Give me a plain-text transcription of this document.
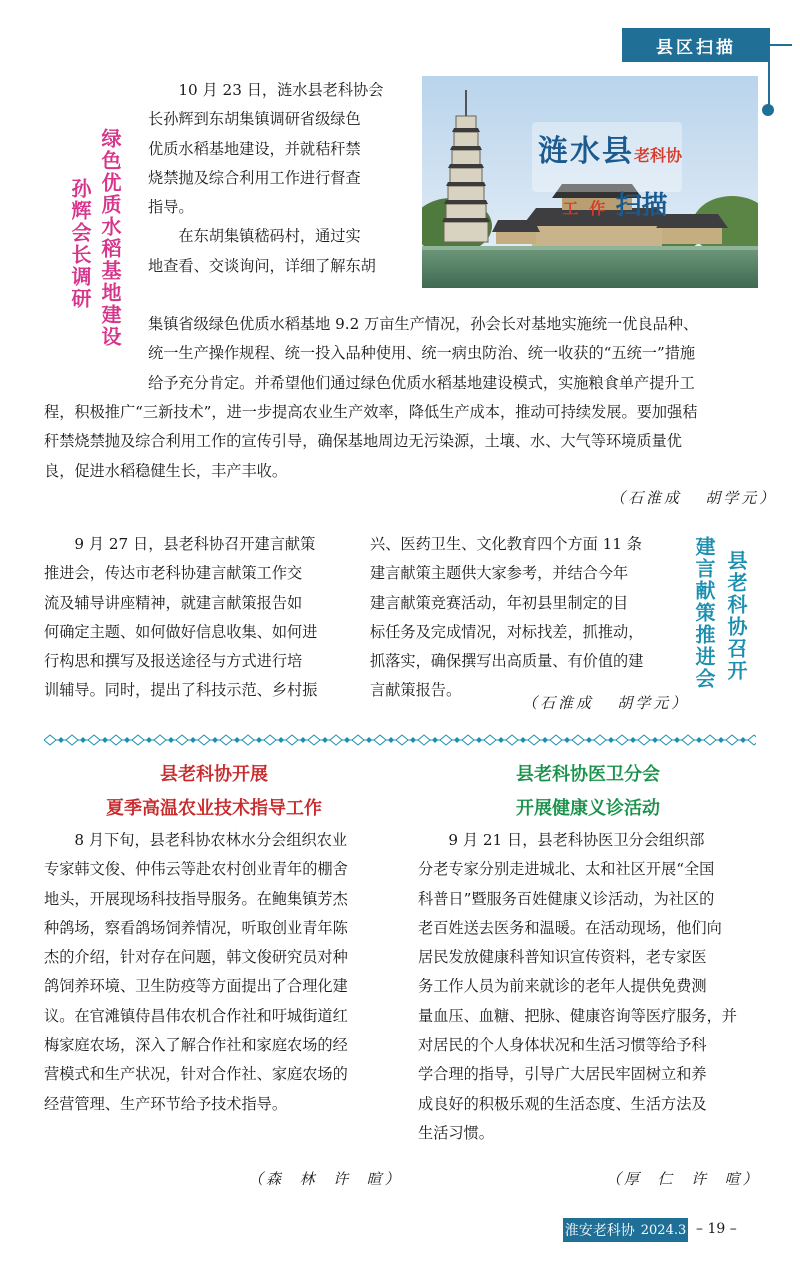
县区扫描
绿色优质水稻基地建设
孙辉会长调研

10 月 23 日，涟水县老科协会

长孙辉到东胡集镇调研省级绿色
优质水稻基地建设，并就秸秆禁
烧禁抛及综合利用工作进行督查
指导。

在东胡集镇嵇码村，通过实

地查看、交谈询问，详细了解东胡
涟水县老科协

工  作 扫描

集镇省级绿色优质水稻基地 9.2 万亩生产情况，孙会长对基地实施统一优良品种、
统一生产操作规程、统一投入品种使用、统一病虫防治、统一收获的“五统一”措施
给予充分肯定。并希望他们通过绿色优质水稻基地建设模式，实施粮食单产提升工
程，积极推广“三新技术”，进一步提高农业生产效率，降低生产成本，推动可持续发展。要加强秸
秆禁烧禁抛及综合利用工作的宣传引导，确保基地周边无污染源，土壤、水、大气等环境质量优
良，促进水稻稳健生长，丰产丰收。
（石淮成   胡学元）

9 月 27 日，县老科协召开建言献策

推进会，传达市老科协建言献策工作交
流及辅导讲座精神，就建言献策报告如
何确定主题、如何做好信息收集、如何进
行构思和撰写及报送途径与方式进行培
训辅导。同时，提出了科技示范、乡村振
兴、医药卫生、文化教育四个方面 11 条
建言献策主题供大家参考，并结合今年
建言献策竞赛活动，年初县里制定的目
标任务及完成情况，对标找差，抓推动，
抓落实，确保撰写出高质量、有价值的建
言献策报告。
（石淮成   胡学元）
县老科协召开
建言献策推进会
县老科协开展
夏季高温农业技术指导工作

8 月下旬，县老科协农林水分会组织农业

专家韩文俊、仲伟云等赴农村创业青年的棚舍
地头，开展现场科技指导服务。在鲍集镇芳杰
种鸽场，察看鸽场饲养情况，听取创业青年陈
杰的介绍，针对存在问题，韩文俊研究员对种
鸽饲养环境、卫生防疫等方面提出了合理化建
议。在官滩镇侍昌伟农机合作社和吁城街道红
梅家庭农场，深入了解合作社和家庭农场的经
营模式和生产状况，针对合作社、家庭农场的
经营管理、生产环节给予技术指导。
（森  林  许  暄）
县老科协医卫分会
开展健康义诊活动

9 月 21 日，县老科协医卫分会组织部

分老专家分别走进城北、太和社区开展“全国
科普日”暨服务百姓健康义诊活动，为社区的
老百姓送去医务和温暖。在活动现场，他们向
居民发放健康科普知识宣传资料，老专家医
务工作人员为前来就诊的老年人提供免费测
量血压、血糖、把脉、健康咨询等医疗服务，并
对居民的个人身体状况和生活习惯等给予科
学合理的指导，引导广大居民牢固树立和养
成良好的积极乐观的生活态度、生活方法及
生活习惯。
（厚  仁  许  喧）
淮安老科协 2024.3 – 19 –
